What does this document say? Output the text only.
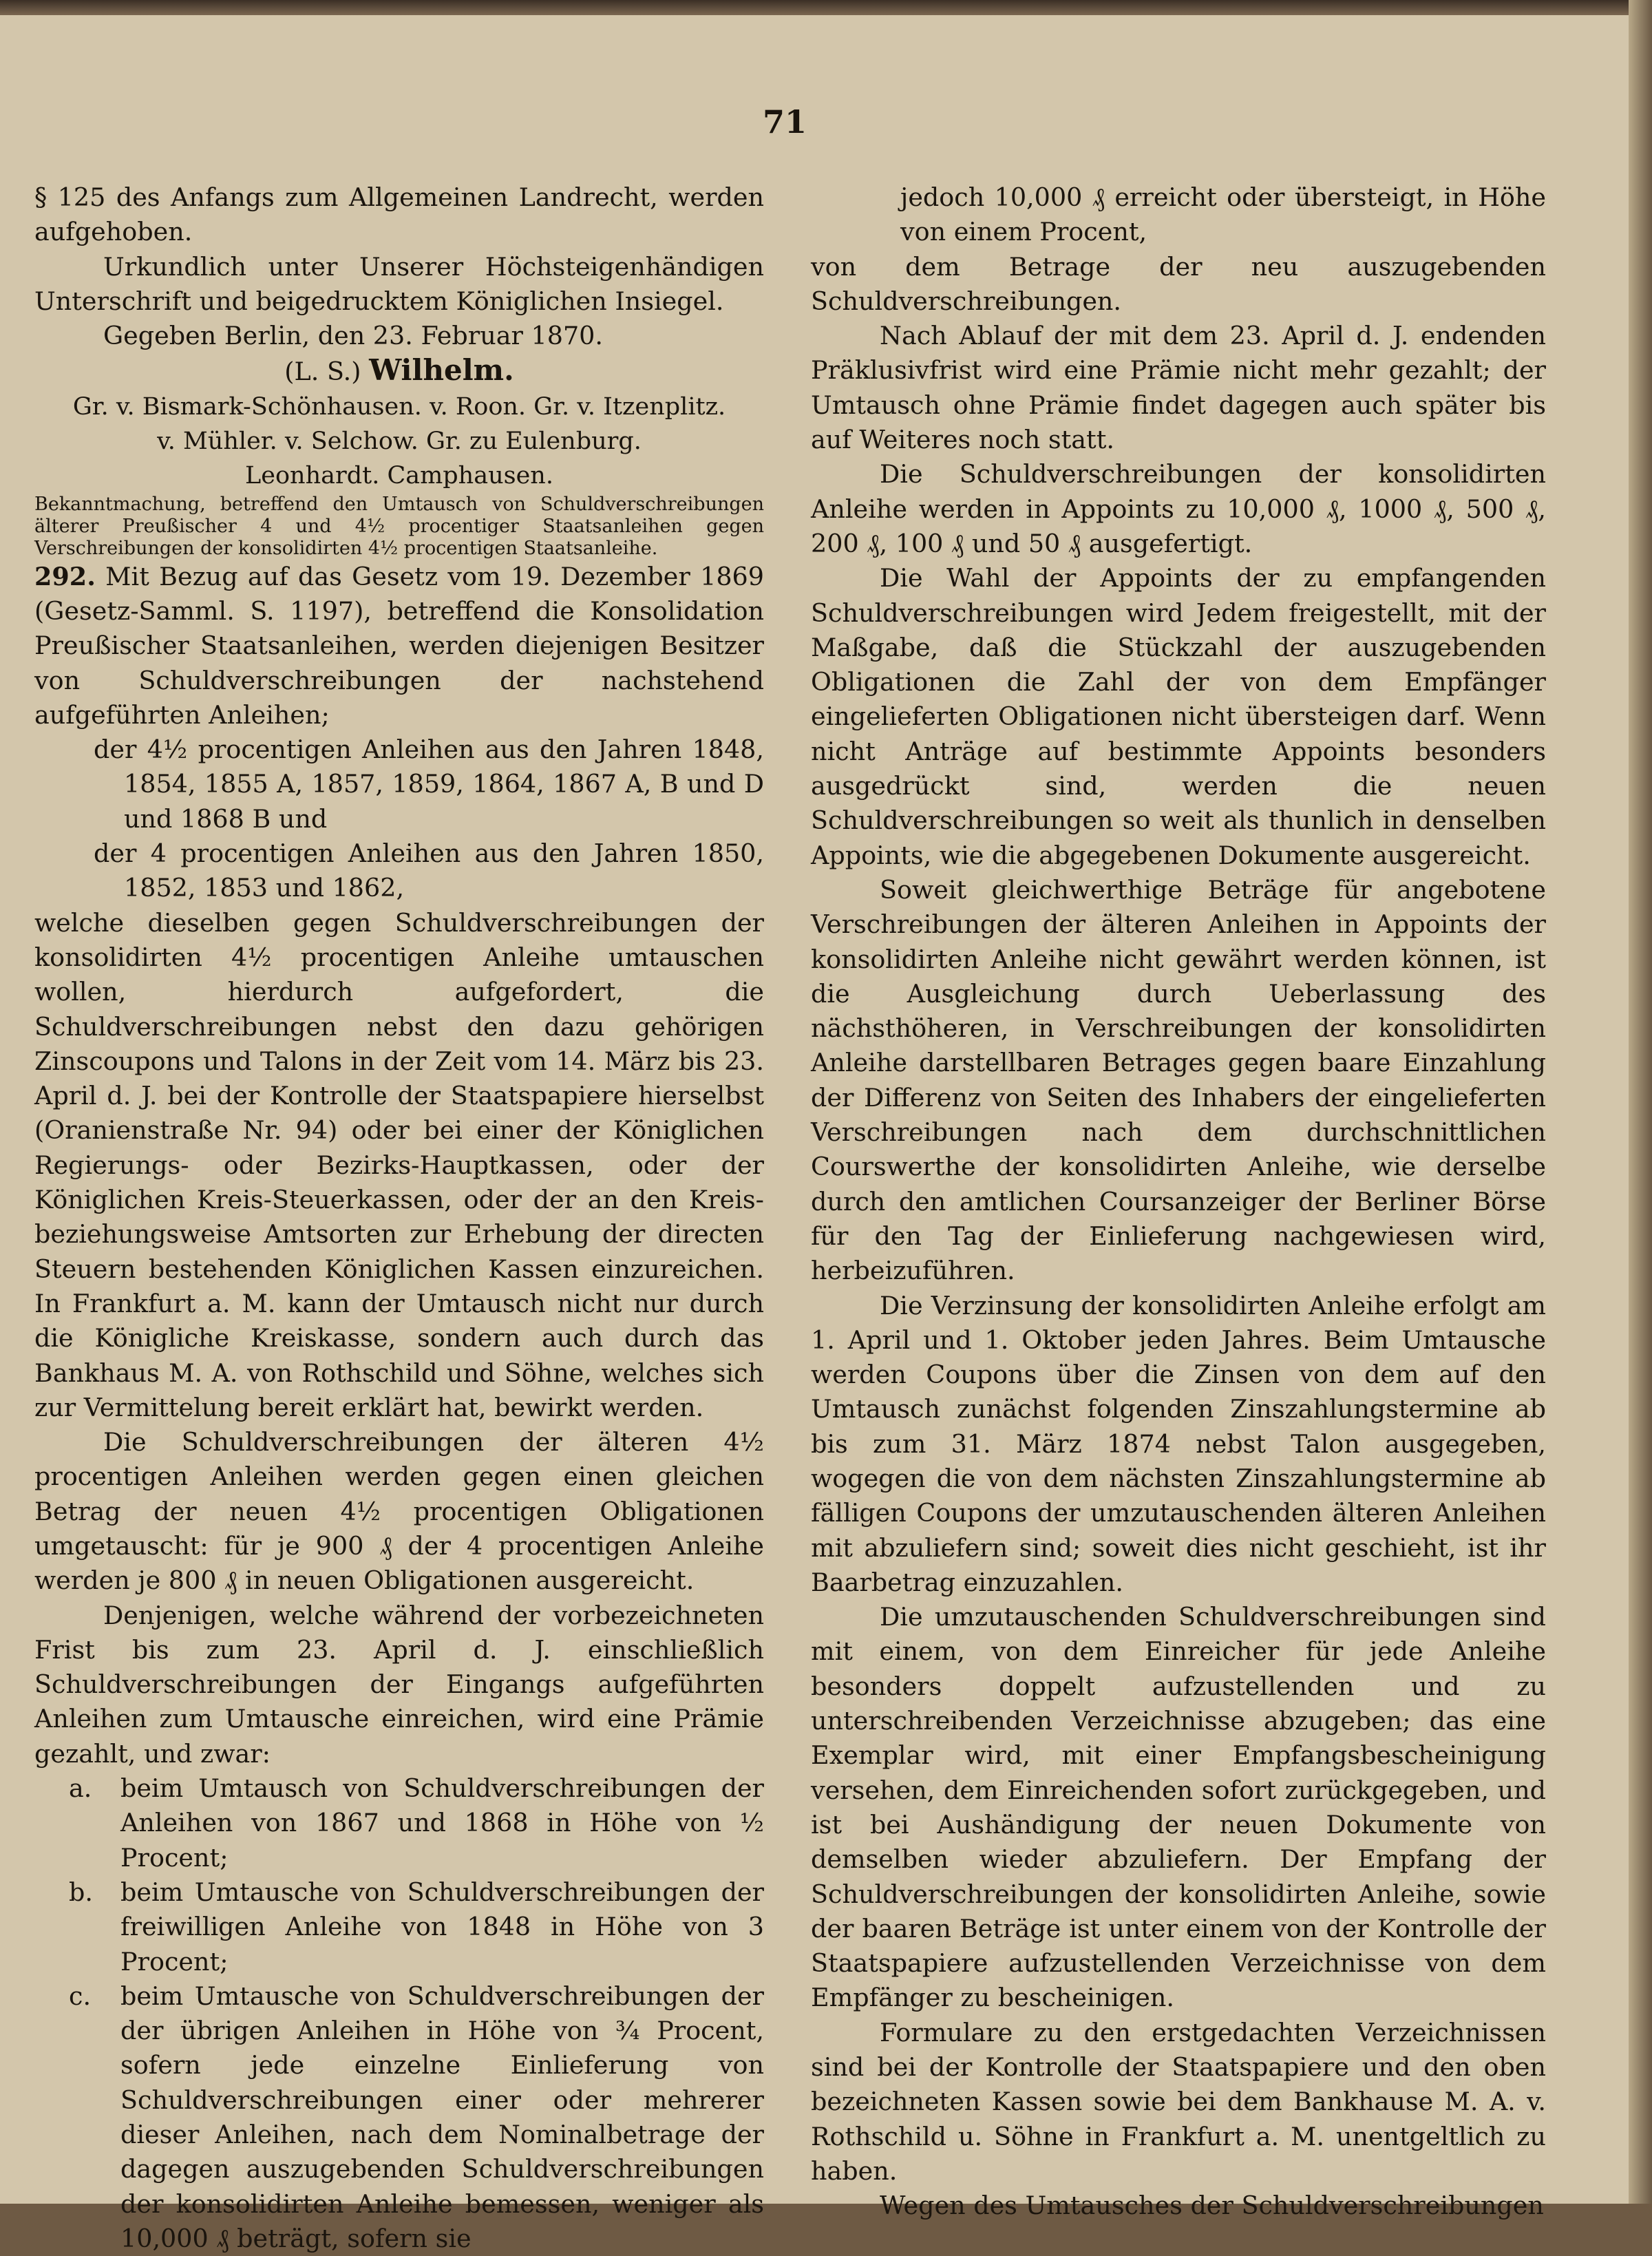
71

§ 125 des Anfangs zum Allgemeinen Landrecht, werden aufgehoben.

Urkundlich unter Unserer Höchsteigenhändigen Unterschrift und beigedrucktem Königlichen Insiegel.

Gegeben Berlin, den 23. Februar 1870.

(L. S.) Wilhelm.

Gr. v. Bismark-Schönhausen. v. Roon. Gr. v. Itzenplitz.

v. Mühler. v. Selchow. Gr. zu Eulenburg.

Leonhardt. Camphausen.

Bekanntmachung, betreffend den Umtausch von Schuldverschreibungen älterer Preußischer 4 und 4½ procentiger Staatsanleihen gegen Verschreibungen der konsolidirten 4½ procentigen Staatsanleihe.

292. Mit Bezug auf das Gesetz vom 19. Dezember 1869 (Gesetz-Samml. S. 1197), betreffend die Konsolidation Preußischer Staatsanleihen, werden diejenigen Besitzer von Schuldverschreibungen der nachstehend aufgeführten Anleihen;

der 4½ procentigen Anleihen aus den Jahren 1848, 1854, 1855 A, 1857, 1859, 1864, 1867 A, B und D und 1868 B und

der 4 procentigen Anleihen aus den Jahren 1850, 1852, 1853 und 1862,

welche dieselben gegen Schuldverschreibungen der konsolidirten 4½ procentigen Anleihe umtauschen wollen, hierdurch aufgefordert, die Schuldverschreibungen nebst den dazu gehörigen Zinscoupons und Talons in der Zeit vom 14. März bis 23. April d. J. bei der Kontrolle der Staatspapiere hierselbst (Oranienstraße Nr. 94) oder bei einer der Königlichen Regierungs- oder Bezirks-Hauptkassen, oder der Königlichen Kreis-Steuerkassen, oder der an den Kreis- beziehungsweise Amtsorten zur Erhebung der directen Steuern bestehenden Königlichen Kassen einzureichen. In Frankfurt a. M. kann der Umtausch nicht nur durch die Königliche Kreiskasse, sondern auch durch das Bankhaus M. A. von Rothschild und Söhne, welches sich zur Vermittelung bereit erklärt hat, bewirkt werden.

Die Schuldverschreibungen der älteren 4½ procentigen Anleihen werden gegen einen gleichen Betrag der neuen 4½ procentigen Obligationen umgetauscht: für je 900 ₰ der 4 procentigen Anleihe werden je 800 ₰ in neuen Obligationen ausgereicht.

Denjenigen, welche während der vorbezeichneten Frist bis zum 23. April d. J. einschließlich Schuldverschreibungen der Eingangs aufgeführten Anleihen zum Umtausche einreichen, wird eine Prämie gezahlt, und zwar:

a. beim Umtausch von Schuldverschreibungen der Anleihen von 1867 und 1868 in Höhe von ½ Procent;

b. beim Umtausche von Schuldverschreibungen der freiwilligen Anleihe von 1848 in Höhe von 3 Procent;

c. beim Umtausche von Schuldverschreibungen der der übrigen Anleihen in Höhe von ¾ Procent, sofern jede einzelne Einlieferung von Schuldverschreibungen einer oder mehrerer dieser Anleihen, nach dem Nominalbetrage der dagegen auszugebenden Schuldverschreibungen der konsolidirten Anleihe bemessen, weniger als 10,000 ₰ beträgt, sofern sie

jedoch 10,000 ₰ erreicht oder übersteigt, in Höhe von einem Procent,

von dem Betrage der neu auszugebenden Schuldverschreibungen.

Nach Ablauf der mit dem 23. April d. J. endenden Präklusivfrist wird eine Prämie nicht mehr gezahlt; der Umtausch ohne Prämie findet dagegen auch später bis auf Weiteres noch statt.

Die Schuldverschreibungen der konsolidirten Anleihe werden in Appoints zu 10,000 ₰, 1000 ₰, 500 ₰, 200 ₰, 100 ₰ und 50 ₰ ausgefertigt.

Die Wahl der Appoints der zu empfangenden Schuldverschreibungen wird Jedem freigestellt, mit der Maßgabe, daß die Stückzahl der auszugebenden Obligationen die Zahl der von dem Empfänger eingelieferten Obligationen nicht übersteigen darf. Wenn nicht Anträge auf bestimmte Appoints besonders ausgedrückt sind, werden die neuen Schuldverschreibungen so weit als thunlich in denselben Appoints, wie die abgegebenen Dokumente ausgereicht.

Soweit gleichwerthige Beträge für angebotene Verschreibungen der älteren Anleihen in Appoints der konsolidirten Anleihe nicht gewährt werden können, ist die Ausgleichung durch Ueberlassung des nächsthöheren, in Verschreibungen der konsolidirten Anleihe darstellbaren Betrages gegen baare Einzahlung der Differenz von Seiten des Inhabers der eingelieferten Verschreibungen nach dem durchschnittlichen Courswerthe der konsolidirten Anleihe, wie derselbe durch den amtlichen Coursanzeiger der Berliner Börse für den Tag der Einlieferung nachgewiesen wird, herbeizuführen.

Die Verzinsung der konsolidirten Anleihe erfolgt am 1. April und 1. Oktober jeden Jahres. Beim Umtausche werden Coupons über die Zinsen von dem auf den Umtausch zunächst folgenden Zinszahlungstermine ab bis zum 31. März 1874 nebst Talon ausgegeben, wogegen die von dem nächsten Zinszahlungstermine ab fälligen Coupons der umzutauschenden älteren Anleihen mit abzuliefern sind; soweit dies nicht geschieht, ist ihr Baarbetrag einzuzahlen.

Die umzutauschenden Schuldverschreibungen sind mit einem, von dem Einreicher für jede Anleihe besonders doppelt aufzustellenden und zu unterschreibenden Verzeichnisse abzugeben; das eine Exemplar wird, mit einer Empfangsbescheinigung versehen, dem Einreichenden sofort zurückgegeben, und ist bei Aushändigung der neuen Dokumente von demselben wieder abzuliefern. Der Empfang der Schuldverschreibungen der konsolidirten Anleihe, sowie der baaren Beträge ist unter einem von der Kontrolle der Staatspapiere aufzustellenden Verzeichnisse von dem Empfänger zu bescheinigen.

Formulare zu den erstgedachten Verzeichnissen sind bei der Kontrolle der Staatspapiere und den oben bezeichneten Kassen sowie bei dem Bankhause M. A. v. Rothschild u. Söhne in Frankfurt a. M. unentgeltlich zu haben.

Wegen des Umtausches der Schuldverschreibungen
